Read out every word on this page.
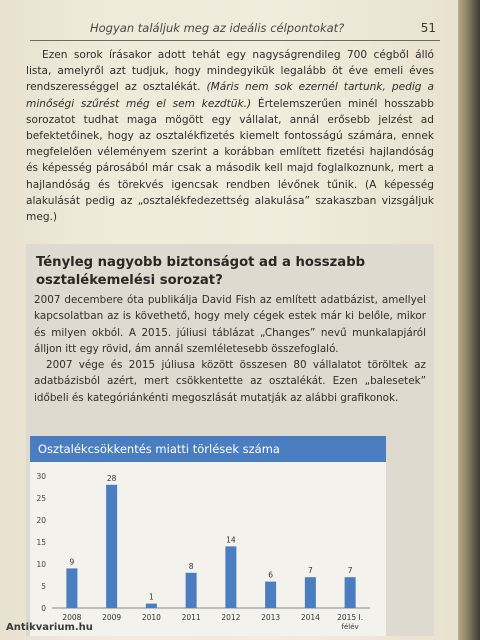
Hogyan találjuk meg az ideális célpontokat?	51

Ezen sorok írásakor adott tehát egy nagyságrendileg 700 cégből álló lista, amelyről azt tudjuk, hogy mindegyikük legalább öt éve emeli éves rendszerességgel az osztalékát. (Máris nem sok ezernél tartunk, pedig a minőségi szűrést még el sem kezdtük.) Értelemszerűen minél hosszabb sorozatot tudhat maga mögött egy vállalat, annál erősebb jelzést ad befektetőinek, hogy az osztalékfizetés kiemelt fontosságú számára, ennek megfelelően véleményem szerint a korábban említett fizetési hajlandóság és képesség párosából már csak a második kell majd foglalkoznunk, mert a hajlandóság és törekvés igencsak rendben lévőnek tűnik. (A képesség alakulását pedig az „osztalékfedezettség alakulása” szakaszban vizsgáljuk meg.)

Tényleg nagyobb biztonságot ad a hosszabb osztalékemelési sorozat?

2007 decembere óta publikálja David Fish az említett adatbázist, amellyel kapcsolatban az is követhető, hogy mely cégek estek már ki belőle, mikor és milyen okból. A 2015. júliusi táblázat „Changes” nevű munkalapjáról álljon itt egy rövid, ám annál szemléletesebb összefoglaló.

2007 vége és 2015 júliusa között összesen 80 vállalatot töröltek az adatbázisból azért, mert csökkentette az osztalékát. Ezen „balesetek” időbeli és kategóriánkénti megoszlását mutatják az alábbi grafikonok.

Osztalékcsökkentés miatti törlések száma
0
5
10
15
20
25
30
9
2008
28
2009
1
2010
8
2011
14
2012
6
2013
7
2014
7
2015 I.
félév
Antikvarium.hu
